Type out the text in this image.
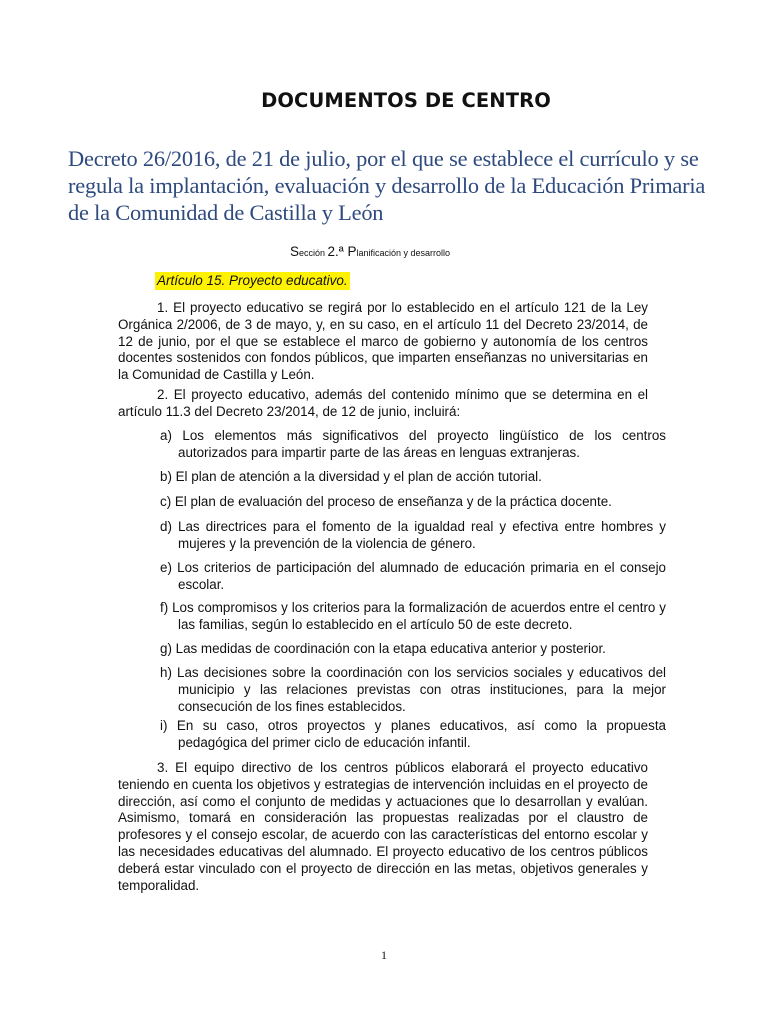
DOCUMENTOS DE CENTRO
Decreto 26/2016, de 21 de julio, por el que se establece el currículo y se regula la implantación, evaluación y desarrollo de la Educación Primaria de la Comunidad de Castilla y León
Sección 2.ª Planificación y desarrollo
Artículo 15. Proyecto educativo.

1. El proyecto educativo se regirá por lo establecido en el artículo 121 de la Ley Orgánica 2/2006, de 3 de mayo, y, en su caso, en el artículo 11 del Decreto 23/2014, de 12 de junio, por el que se establece el marco de gobierno y autonomía de los centros docentes sostenidos con fondos públicos, que imparten enseñanzas no universitarias en la Comunidad de Castilla y León.

2. El proyecto educativo, además del contenido mínimo que se determina en el artículo 11.3 del Decreto 23/2014, de 12 de junio, incluirá:

a) Los elementos más significativos del proyecto lingüístico de los centros autorizados para impartir parte de las áreas en lenguas extranjeras.

b) El plan de atención a la diversidad y el plan de acción tutorial.

c) El plan de evaluación del proceso de enseñanza y de la práctica docente.

d) Las directrices para el fomento de la igualdad real y efectiva entre hombres y mujeres y la prevención de la violencia de género.

e) Los criterios de participación del alumnado de educación primaria en el consejo escolar.

f) Los compromisos y los criterios para la formalización de acuerdos entre el centro y las familias, según lo establecido en el artículo 50 de este decreto.

g) Las medidas de coordinación con la etapa educativa anterior y posterior.

h) Las decisiones sobre la coordinación con los servicios sociales y educativos del municipio y las relaciones previstas con otras instituciones, para la mejor consecución de los fines establecidos.

i) En su caso, otros proyectos y planes educativos, así como la propuesta pedagógica del primer ciclo de educación infantil.

3. El equipo directivo de los centros públicos elaborará el proyecto educativo teniendo en cuenta los objetivos y estrategias de intervención incluidas en el proyecto de dirección, así como el conjunto de medidas y actuaciones que lo desarrollan y evalúan. Asimismo, tomará en consideración las propuestas realizadas por el claustro de profesores y el consejo escolar, de acuerdo con las características del entorno escolar y las necesidades educativas del alumnado. El proyecto educativo de los centros públicos deberá estar vinculado con el proyecto de dirección en las metas, objetivos generales y temporalidad.

1
